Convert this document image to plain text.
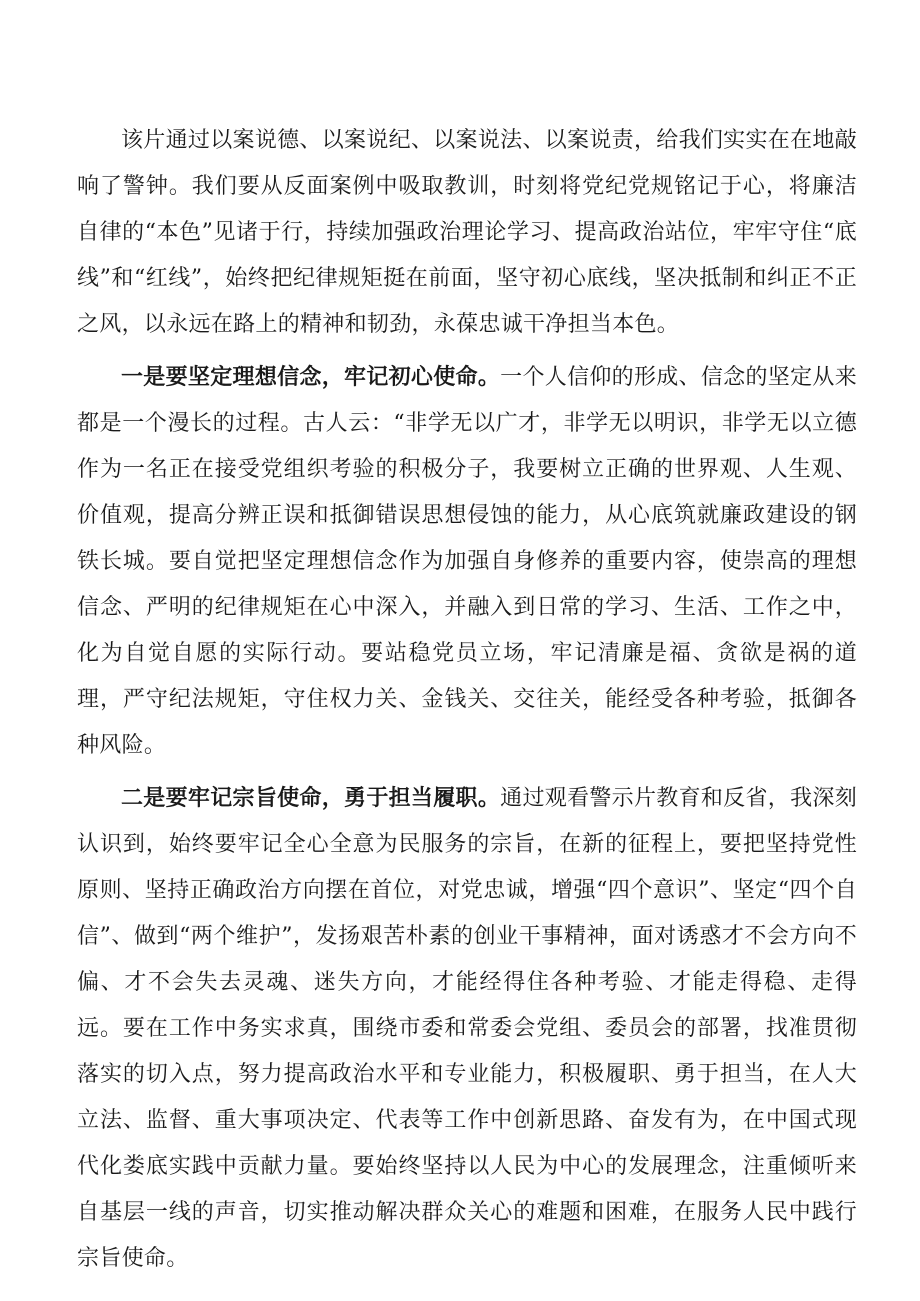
该片通过以案说德、以案说纪、以案说法、以案说责，给我们实实在在地敲响了警钟。我们要从反面案例中吸取教训，时刻将党纪党规铭记于心，将廉洁自律的“本色”见诸于行，持续加强政治理论学习、提高政治站位，牢牢守住“底线”和“红线”，始终把纪律规矩挺在前面，坚守初心底线，坚决抵制和纠正不正之风，以永远在路上的精神和韧劲，永葆忠诚干净担当本色。

一是要坚定理想信念，牢记初心使命。一个人信仰的形成、信念的坚定从来都是一个漫长的过程。古人云：“非学无以广才，非学无以明识，非学无以立德作为一名正在接受党组织考验的积极分子，我要树立正确的世界观、人生观、价值观，提高分辨正误和抵御错误思想侵蚀的能力，从心底筑就廉政建设的钢铁长城。要自觉把坚定理想信念作为加强自身修养的重要内容，使崇高的理想信念、严明的纪律规矩在心中深入，并融入到日常的学习、生活、工作之中，化为自觉自愿的实际行动。要站稳党员立场，牢记清廉是福、贪欲是祸的道理，严守纪法规矩，守住权力关、金钱关、交往关，能经受各种考验，抵御各种风险。

二是要牢记宗旨使命，勇于担当履职。通过观看警示片教育和反省，我深刻认识到，始终要牢记全心全意为民服务的宗旨，在新的征程上，要把坚持党性原则、坚持正确政治方向摆在首位，对党忠诚，增强“四个意识”、坚定“四个自信”、做到“两个维护”，发扬艰苦朴素的创业干事精神，面对诱惑才不会方向不偏、才不会失去灵魂、迷失方向，才能经得住各种考验、才能走得稳、走得远。要在工作中务实求真，围绕市委和常委会党组、委员会的部署，找准贯彻落实的切入点，努力提高政治水平和专业能力，积极履职、勇于担当，在人大立法、监督、重大事项决定、代表等工作中创新思路、奋发有为，在中国式现代化娄底实践中贡献力量。要始终坚持以人民为中心的发展理念，注重倾听来自基层一线的声音，切实推动解决群众关心的难题和困难，在服务人民中践行宗旨使命。
